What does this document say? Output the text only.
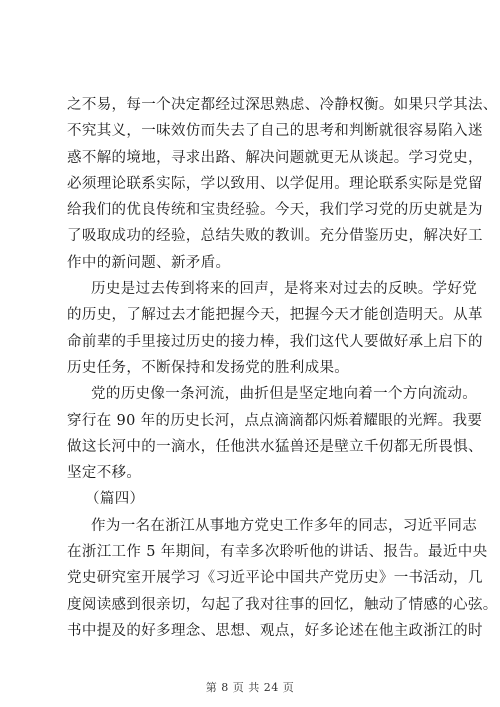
之不易，每一个决定都经过深思熟虑、冷静权衡。如果只学其法、
不究其义，一味效仿而失去了自己的思考和判断就很容易陷入迷
惑不解的境地，寻求出路、解决问题就更无从谈起。学习党史，
必须理论联系实际，学以致用、以学促用。理论联系实际是党留
给我们的优良传统和宝贵经验。今天，我们学习党的历史就是为
了吸取成功的经验，总结失败的教训。充分借鉴历史，解决好工
作中的新问题、新矛盾。
历史是过去传到将来的回声，是将来对过去的反映。学好党
的历史，了解过去才能把握今天，把握今天才能创造明天。从革
命前辈的手里接过历史的接力棒，我们这代人要做好承上启下的
历史任务，不断保持和发扬党的胜利成果。
党的历史像一条河流，曲折但是坚定地向着一个方向流动。
穿行在 90 年的历史长河，点点滴滴都闪烁着耀眼的光辉。我要
做这长河中的一滴水，任他洪水猛兽还是壁立千仞都无所畏惧、
坚定不移。
（篇四）
作为一名在浙江从事地方党史工作多年的同志，习近平同志
在浙江工作 5 年期间，有幸多次聆听他的讲话、报告。最近中央
党史研究室开展学习《习近平论中国共产党历史》一书活动，几
度阅读感到很亲切，勾起了我对往事的回忆，触动了情感的心弦。
书中提及的好多理念、思想、观点，好多论述在他主政浙江的时
第 8 页 共 24 页
